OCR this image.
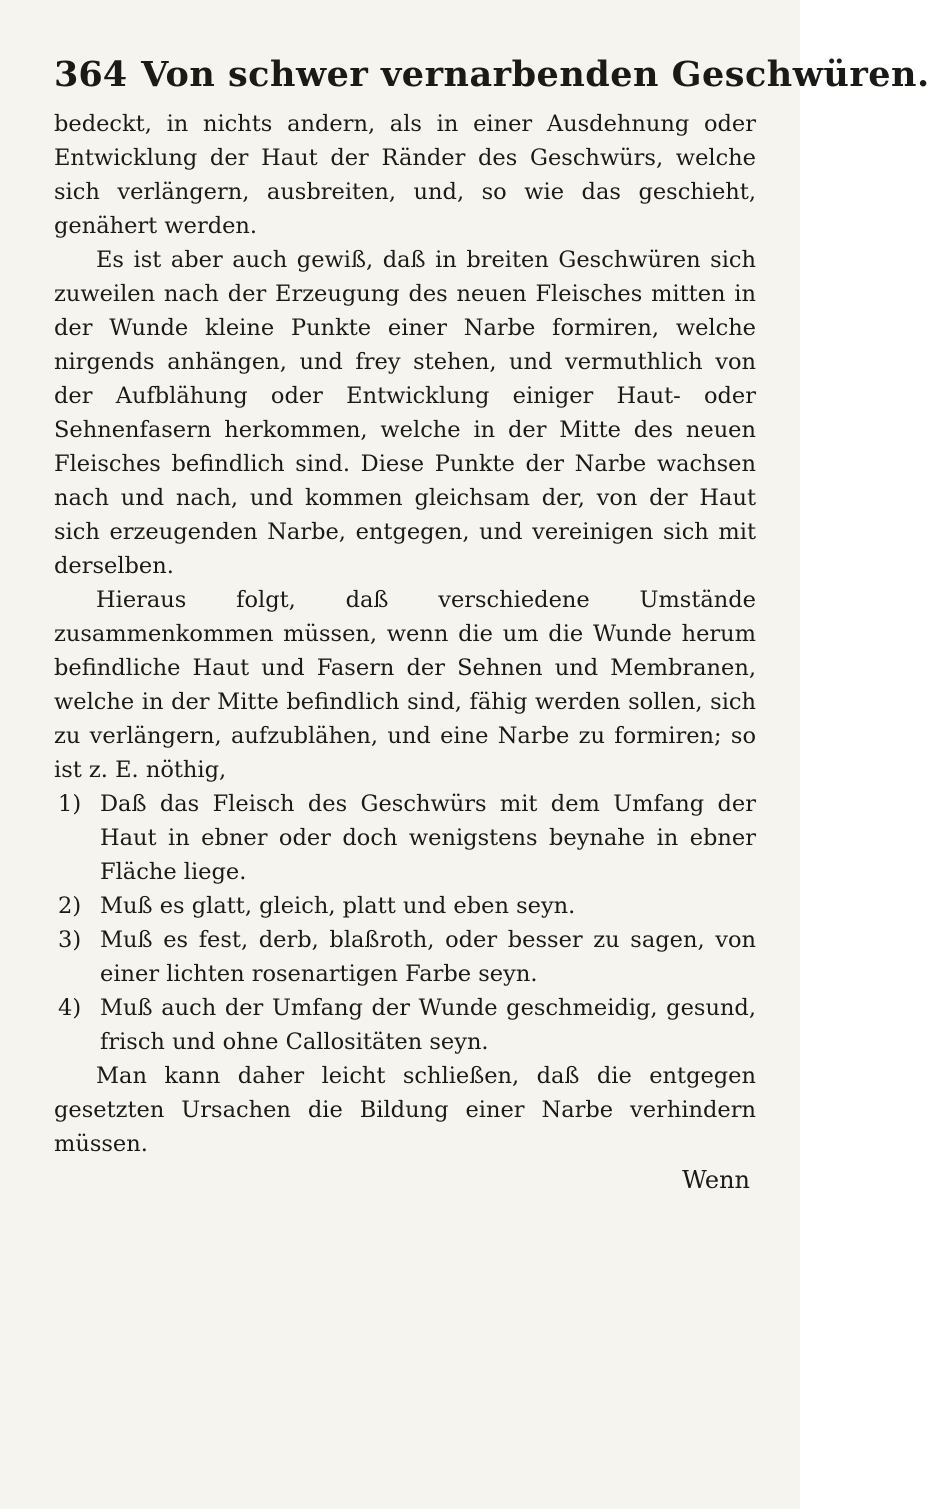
364 Von schwer vernarbenden Geschwüren.

bedeckt, in nichts andern, als in einer Ausdehnung oder Entwicklung der Haut der Ränder des Geschwürs, welche sich verlängern, ausbreiten, und, so wie das geschieht, genähert werden.

Es ist aber auch gewiß, daß in breiten Geschwüren sich zuweilen nach der Erzeugung des neuen Fleisches mitten in der Wunde kleine Punkte einer Narbe formiren, welche nirgends anhängen, und frey stehen, und vermuthlich von der Aufblähung oder Entwicklung einiger Haut- oder Sehnenfasern herkommen, welche in der Mitte des neuen Fleisches befindlich sind. Diese Punkte der Narbe wachsen nach und nach, und kommen gleichsam der, von der Haut sich erzeugenden Narbe, entgegen, und vereinigen sich mit derselben.

Hieraus folgt, daß verschiedene Umstände zusammenkommen müssen, wenn die um die Wunde herum befindliche Haut und Fasern der Sehnen und Membranen, welche in der Mitte befindlich sind, fähig werden sollen, sich zu verlängern, aufzublähen, und eine Narbe zu formiren; so ist z. E. nöthig,

1) Daß das Fleisch des Geschwürs mit dem Umfang der Haut in ebner oder doch wenigstens beynahe in ebner Fläche liege.
2) Muß es glatt, gleich, platt und eben seyn.
3) Muß es fest, derb, blaßroth, oder besser zu sagen, von einer lichten rosenartigen Farbe seyn.
4) Muß auch der Umfang der Wunde geschmeidig, gesund, frisch und ohne Callositäten seyn.

Man kann daher leicht schließen, daß die entgegen gesetzten Ursachen die Bildung einer Narbe verhindern müssen.

Wenn
